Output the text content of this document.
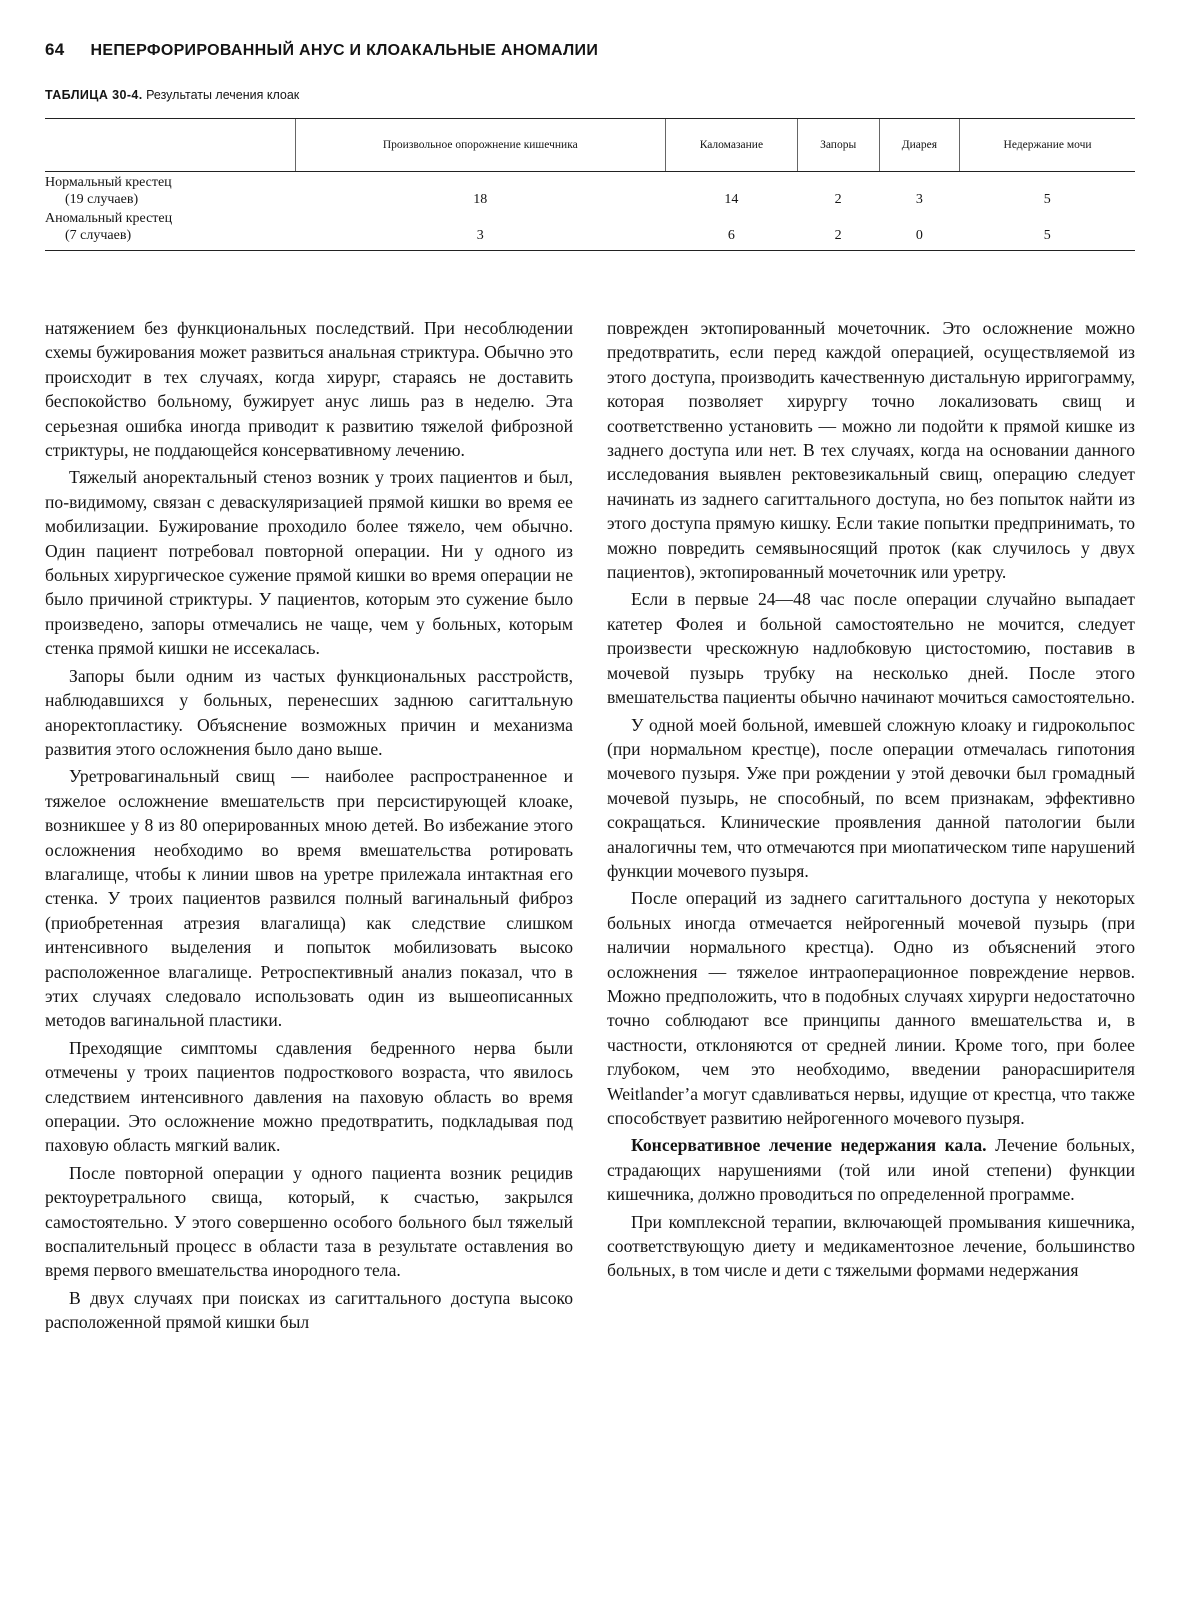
64 НЕПЕРФОРИРОВАННЫЙ АНУС И КЛОАКАЛЬНЫЕ АНОМАЛИИ
ТАБЛИЦА 30-4. Результаты лечения клоак
	Произвольное опорожнение кишечника	Каломазание	Запоры	Диарея	Недержание мочи
Нормальный крестец
(19 случаев)	18	14	2	3	5
Аномальный крестец
(7 случаев)	3	6	2	0	5

натяжением без функциональных последствий. При несоблюдении схемы бужирования может развиться анальная стриктура. Обычно это происходит в тех случаях, когда хирург, стараясь не доставить беспокойство больному, бужирует анус лишь раз в неделю. Эта серьезная ошибка иногда приводит к развитию тяжелой фиброзной стриктуры, не поддающейся консервативному лечению.

Тяжелый аноректальный стеноз возник у троих пациентов и был, по-видимому, связан с деваскуляризацией прямой кишки во время ее мобилизации. Бужирование проходило более тяжело, чем обычно. Один пациент потребовал повторной операции. Ни у одного из больных хирургическое сужение прямой кишки во время операции не было причиной стриктуры. У пациентов, которым это сужение было произведено, запоры отмечались не чаще, чем у больных, которым стенка прямой кишки не иссекалась.

Запоры были одним из частых функциональных расстройств, наблюдавшихся у больных, перенесших заднюю сагиттальную аноректопластику. Объяснение возможных причин и механизма развития этого осложнения было дано выше.

Уретровагинальный свищ — наиболее распространенное и тяжелое осложнение вмешательств при персистирующей клоаке, возникшее у 8 из 80 оперированных мною детей. Во избежание этого осложнения необходимо во время вмешательства ротировать влагалище, чтобы к линии швов на уретре прилежала интактная его стенка. У троих пациентов развился полный вагинальный фиброз (приобретенная атрезия влагалища) как следствие слишком интенсивного выделения и попыток мобилизовать высоко расположенное влагалище. Ретроспективный анализ показал, что в этих случаях следовало использовать один из вышеописанных методов вагинальной пластики.

Преходящие симптомы сдавления бедренного нерва были отмечены у троих пациентов подросткового возраста, что явилось следствием интенсивного давления на паховую область во время операции. Это осложнение можно предотвратить, подкладывая под паховую область мягкий валик.

После повторной операции у одного пациента возник рецидив ректоуретрального свища, который, к счастью, закрылся самостоятельно. У этого совершенно особого больного был тяжелый воспалительный процесс в области таза в результате оставления во время первого вмешательства инородного тела.

В двух случаях при поисках из сагиттального доступа высоко расположенной прямой кишки был

поврежден эктопированный мочеточник. Это осложнение можно предотвратить, если перед каждой операцией, осуществляемой из этого доступа, производить качественную дистальную ирригограмму, которая позволяет хирургу точно локализовать свищ и соответственно установить — можно ли подойти к прямой кишке из заднего доступа или нет. В тех случаях, когда на основании данного исследования выявлен ректовезикальный свищ, операцию следует начинать из заднего сагиттального доступа, но без попыток найти из этого доступа прямую кишку. Если такие попытки предпринимать, то можно повредить семявыносящий проток (как случилось у двух пациентов), эктопированный мочеточник или уретру.

Если в первые 24—48 час после операции случайно выпадает катетер Фолея и больной самостоятельно не мочится, следует произвести чрескожную надлобковую цистостомию, поставив в мочевой пузырь трубку на несколько дней. После этого вмешательства пациенты обычно начинают мочиться самостоятельно.

У одной моей больной, имевшей сложную клоаку и гидрокольпос (при нормальном крестце), после операции отмечалась гипотония мочевого пузыря. Уже при рождении у этой девочки был громадный мочевой пузырь, не способный, по всем признакам, эффективно сокращаться. Клинические проявления данной патологии были аналогичны тем, что отмечаются при миопатическом типе нарушений функции мочевого пузыря.

После операций из заднего сагиттального доступа у некоторых больных иногда отмечается нейрогенный мочевой пузырь (при наличии нормального крестца). Одно из объяснений этого осложнения — тяжелое интраоперационное повреждение нервов. Можно предположить, что в подобных случаях хирурги недостаточно точно соблюдают все принципы данного вмешательства и, в частности, отклоняются от средней линии. Кроме того, при более глубоком, чем это необходимо, введении ранорасширителя Weitlander’a могут сдавливаться нервы, идущие от крестца, что также способствует развитию нейрогенного мочевого пузыря.

Консервативное лечение недержания кала. Лечение больных, страдающих нарушениями (той или иной степени) функции кишечника, должно проводиться по определенной программе.

При комплексной терапии, включающей промывания кишечника, соответствующую диету и медикаментозное лечение, большинство больных, в том числе и дети с тяжелыми формами недержания
